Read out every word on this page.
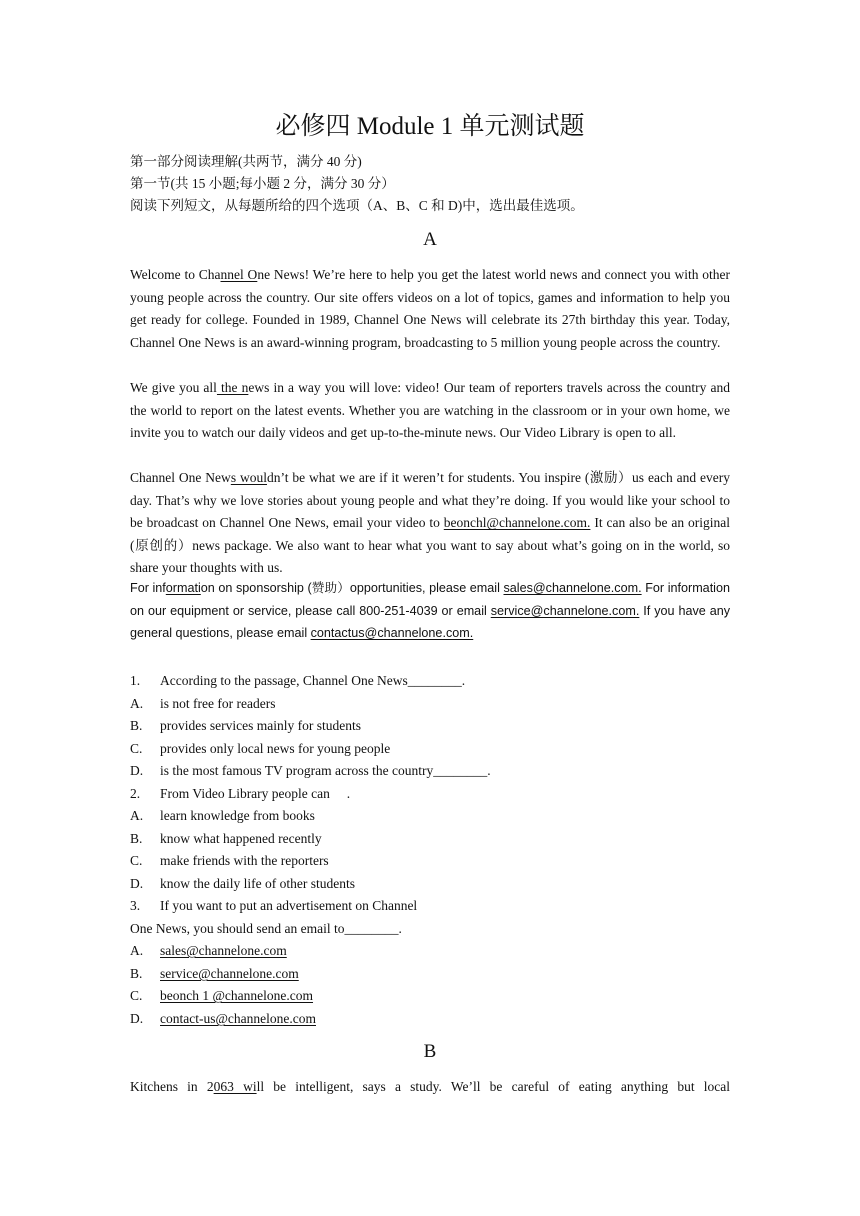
必修四 Module 1 单元测试题
第一部分阅读理解(共两节，满分 40 分)
第一节(共 15 小题;每小题 2 分，满分 30 分）
阅读下列短文，从每题所给的四个选项（A、B、C 和 D)中，选出最佳选项。
A
Welcome to Channel One News! We’re here to help you get the latest world news and connect you with other young people across the country. Our site offers videos on a lot of topics, games and information to help you get ready for college. Founded in 1989, Channel One News will celebrate its 27th birthday this year. Today, Channel One News is an award-winning program, broadcasting to 5 million young people across the country.
We give you all the news in a way you will love: video! Our team of reporters travels across the country and the world to report on the latest events. Whether you are watching in the classroom or in your own home, we invite you to watch our daily videos and get up-to-the-minute news. Our Video Library is open to all.
Channel One News wouldn’t be what we are if it weren’t for students. You inspire (激励）us each and every day. That’s why we love stories about young people and what they’re doing. If you would like your school to be broadcast on Channel One News, email your video to beonchl@channelone.com. It can also be an original (原创的）news package. We also want to hear what you want to say about what’s going on in the world, so share your thoughts with us.
For information on sponsorship (赞助）opportunities, please email sales@channelone.com. For information on our equipment or service, please call 800-251-4039 or email service@channelone.com. If you have any general questions, please email contactus@channelone.com.
1. According to the passage, Channel One News________.
A. is not free for readers
B. provides services mainly for students
C. provides only local news for young people
D. is the most famous TV program across the country________.
2. From Video Library people can     .
A. learn knowledge from books
B. know what happened recently
C. make friends with the reporters
D. know the daily life of other students
3. If you want to put an advertisement on Channel
One News, you should send an email to________.
A. sales@channelone.com
B. service@channelone.com
C. beonch 1 @channelone.com
D. contact-us@channelone.com
B
Kitchens in 2063 will be intelligent, says a study. We’ll be careful of eating anything but local
